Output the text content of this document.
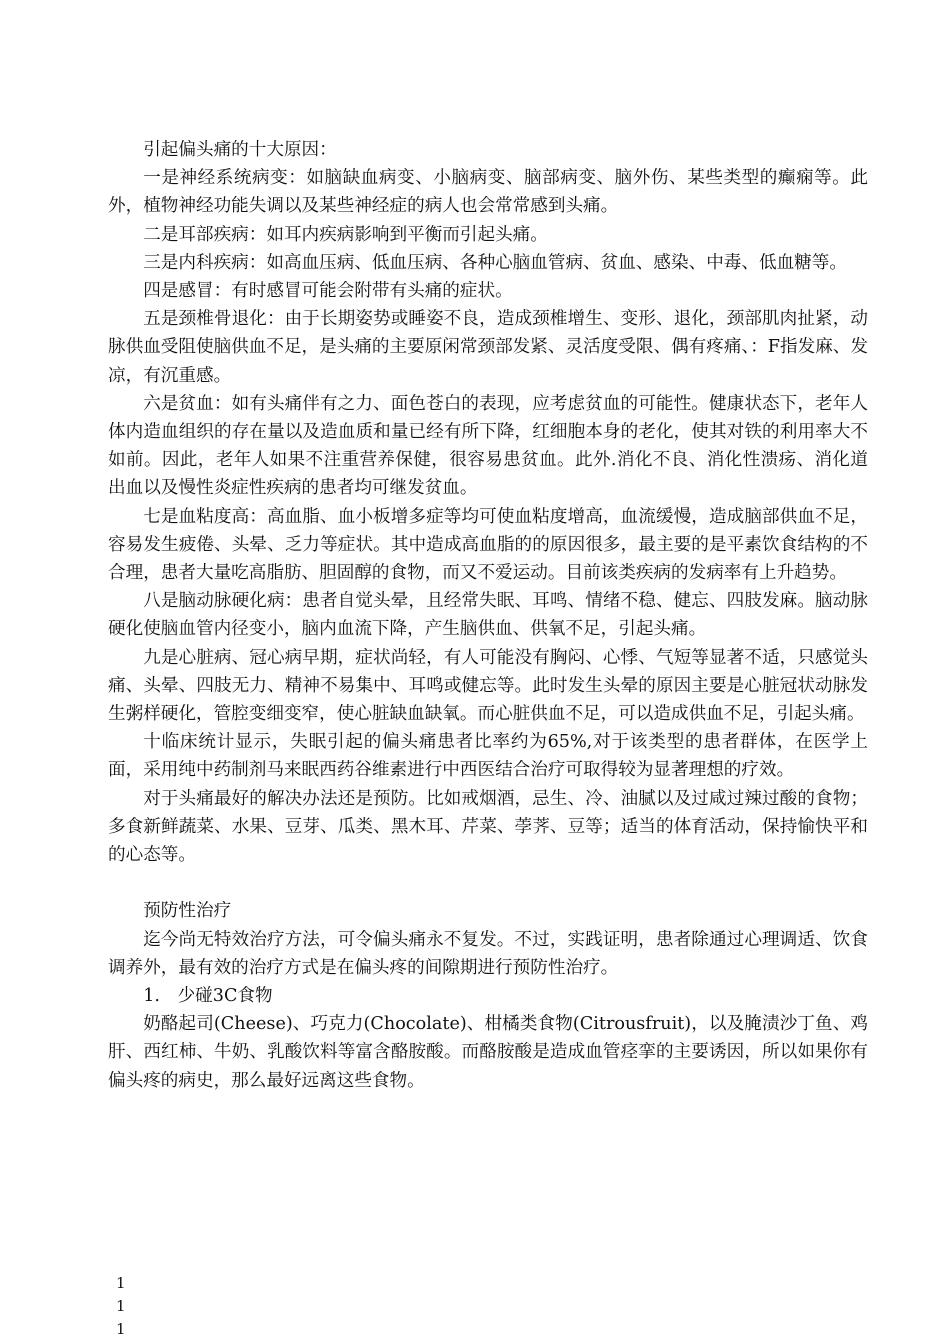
引起偏头痛的十大原因：

一是神经系统病变：如脑缺血病变、小脑病变、脑部病变、脑外伤、某些类型的癫痫等。此外，植物神经功能失调以及某些神经症的病人也会常常感到头痛。

二是耳部疾病：如耳内疾病影响到平衡而引起头痛。

三是内科疾病：如高血压病、低血压病、各种心脑血管病、贫血、感染、中毒、低血糖等。

四是感冒：有时感冒可能会附带有头痛的症状。

五是颈椎骨退化：由于长期姿势或睡姿不良，造成颈椎增生、变形、退化，颈部肌肉扯紧，动脉供血受阻使脑供血不足，是头痛的主要原闲常颈部发紧、灵活度受限、偶有疼痛、：F指发麻、发凉，有沉重感。

六是贫血：如有头痛伴有之力、面色苍白的表现，应考虑贫血的可能性。健康状态下，老年人体内造血组织的存在量以及造血质和量已经有所下降，红细胞本身的老化，使其对铁的利用率大不如前。因此，老年人如果不注重营养保健，很容易患贫血。此外.消化不良、消化性溃疡、消化道出血以及慢性炎症性疾病的患者均可继发贫血。

七是血粘度高：高血脂、血小板增多症等均可使血粘度增高，血流缓慢，造成脑部供血不足，容易发生疲倦、头晕、乏力等症状。其中造成高血脂的的原因很多，最主要的是平素饮食结构的不合理，患者大量吃高脂肪、胆固醇的食物，而又不爱运动。目前该类疾病的发病率有上升趋势。

八是脑动脉硬化病：患者自觉头晕，且经常失眠、耳鸣、情绪不稳、健忘、四肢发麻。脑动脉硬化使脑血管内径变小，脑内血流下降，产生脑供血、供氧不足，引起头痛。

九是心脏病、冠心病早期，症状尚轻，有人可能没有胸闷、心悸、气短等显著不适，只感觉头痛、头晕、四肢无力、精神不易集中、耳鸣或健忘等。此时发生头晕的原因主要是心脏冠状动脉发生粥样硬化，管腔变细变窄，使心脏缺血缺氧。而心脏供血不足，可以造成供血不足，引起头痛。

十临床统计显示，失眠引起的偏头痛患者比率约为65%,对于该类型的患者群体，在医学上面，采用纯中药制剂马来眠西药谷维素进行中西医结合治疗可取得较为显著理想的疗效。

对于头痛最好的解决办法还是预防。比如戒烟酒，忌生、冷、油腻以及过咸过辣过酸的食物；多食新鲜蔬菜、水果、豆芽、瓜类、黑木耳、芹菜、荸荠、豆等；适当的体育活动，保持愉快平和的心态等。

预防性治疗

迄今尚无特效治疗方法，可令偏头痛永不复发。不过，实践证明，患者除通过心理调适、饮食调养外，最有效的治疗方式是在偏头疼的间隙期进行预防性治疗。

1.　少碰3C食物

奶酪起司(Cheese)、巧克力(Chocolate)、柑橘类食物(Citrousfruit)，以及腌渍沙丁鱼、鸡肝、西红柿、牛奶、乳酸饮料等富含酪胺酸。而酪胺酸是造成血管痉挛的主要诱因，所以如果你有偏头疼的病史，那么最好远离这些食物。

1
1
1
